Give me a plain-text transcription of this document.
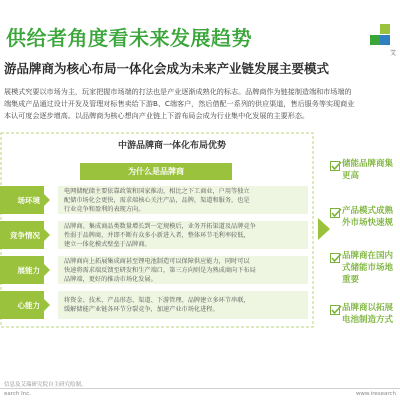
艾
供给者角度看未来发展趋势
游品牌商为核心布局一体化会成为未来产业链发展主要模式
展模式究要以市场为主，玩家把握市场端的打法也是产业逐渐成熟化的标志。品牌商作为链接制造端和市场端的
端集成产品通过设计开发及管理对标售卖给下游B、C端客户，然后借配一系列的供应渠道，售后服务等实现商业
本认可度会逐步增高。以品牌商为核心想向产业链上下游布局会成为行业集中化发展的主要形态。
中游品牌商一体化布局优势
为什么是品牌商
场环境
电网储配储主要依靠政策和国家推动，相比之下工商业，户用等独立
配储市场化会更快，需求端核心关注产品，品牌，渠道和服务，也是
行业竞争和盈利的表现方向。
竞争情况
品牌商、集成商品类数量增长到一定规模后，业务开拓渠道及品牌竞争
性弱于品牌商，并即不断有众多小新进入者，整体环节毛利率较低，
建立一体化模式壁垒于品牌商。
展能力
品牌商向上拓展集成商甚至锂电池制造可以保障供应能力，同时可以
快速将需求端反馈至研发和生产端口，第三方向则是为熟成商向下布局
品牌端，更好的推动市场化发展。
心能力	将资金、技术、产品形态、渠道、下游管理、品牌建立多环节串联，
缓解储能产业链各环节分裂竞争，加速产业市场化进程。
储能品牌商集
更高
产品模式成熟
外市场快速规
品牌商在国内
式储能市场地
重要
品牌商以拓展
电池制造方式

信息及艾瑞研究院自主研究绘制。

earch Inc.	www.iresearch
